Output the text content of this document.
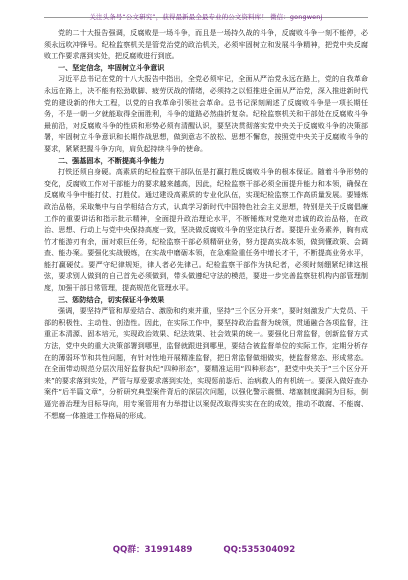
关注头条号“公文研究”，获得最新最全最专业的公文资料库！ 微信：gongwenj

党的二十大报告强调，反腐败是一场斗争，而且是一场持久战的斗争，反腐败斗争一刻不能停，必须永远吹冲锋号。纪检监察机关是管党治党的政治机关，必须牢固树立和发展斗争精神，把党中央反腐败工作要求落到实处，把反腐败进行到底。

一、坚定信念，牢固树立斗争意识

习近平总书记在党的十八大报告中指出，全党必须牢记，全面从严治党永远在路上，党的自我革命永远在路上，决不能有松劲歇脚、疲劳厌战的情绪，必须持之以恒推进全面从严治党，深入推进新时代党的建设新的伟大工程，以党的自我革命引领社会革命。总书记深刻阐述了反腐败斗争是一项长期任务，不是一朝一夕就能取得全面胜利，斗争的道路必然曲折复杂。纪检监察机关和干部处在反腐败斗争最前沿，对反腐败斗争的性质和形势必须有清醒认识，要坚决贯彻落实党中央关于反腐败斗争的决策部署，牢固树立斗争意识和长期作战思想，做到意志不放松、思想不懈怠，按照党中央关于反腐败斗争的要求，紧紧把握斗争方向，肩负起持续斗争的使命。

二、强基固本，不断提高斗争能力

打铁还须自身硬。高素质的纪检监察干部队伍是打赢打胜反腐败斗争的根本保证。随着斗争形势的变化，反腐败工作对干部能力的要求越来越高，因此，纪检监察干部必须全面提升能力和本领，确保在反腐败斗争中能打仗、打胜仗。通过建设高素质的专业化队伍，实现纪检监察工作高质量发展。要锤炼政治品格，采取集中与自学相结合方式，认真学习新时代中国特色社会主义思想，特别是关于反腐倡廉工作的重要讲话和指示批示精神，全面提升政治理论水平，不断锤炼对党绝对忠诚的政治品格，在政治、思想、行动上与党中央保持高度一致，坚决做反腐败斗争的坚定执行者。要提升业务素养，胸有成竹才能游刃有余，面对艰巨任务，纪检监察干部必须精研业务，努力提高实战本领，做到懂政策、会调查、能办案。要强化实战锻炼，在实战中磨砺本领，在急难险重任务中增长才干，不断提高业务水平，能打赢硬仗。要严守纪律规矩，律人者必先律己。纪检监察干部作为执纪者，必须时刻绷紧纪律这根弦，要求别人做到的自己首先必须做到，带头做遵纪守法的模范，要进一步完善监察驻机构内部管理制度，加强干部日常管理，提高规范化管理水平。

三、惩防结合，切实保证斗争效果

强调，要坚持严管和厚爱结合、激励和约束并重，坚持“三个区分开来”，要时刻激发广大党员、干部的积极性、主动性、创造性。因此，在实际工作中，要坚持政治监督为统领，贯通融合各项监督，注重正本清源、固本培元，实现政治效果、纪法效果、社会效果的统一。要强化日常监督，创新监督方式方法，党中央的重大决策部署到哪里，监督就跟进到哪里，要结合被监督单位的实际工作，定期分析存在的薄弱环节和共性问题，有针对性地开展精准监督，把日常监督做细做实，使监督常态、形成常态。在全面带动规范分层次用好监督执纪“四种形态”，要精准运用“四种形态”，把党中央关于“三个区分开来”的要求落到实处，严管与厚爱要求落到实处，实现惩前毖后、治病救人的有机统一。要深入做好查办案件“后半篇文章”，分析研究典型案件背后的深层次问题，以强化警示震慑、堵塞制度漏洞为目标，倒逼完善治理为目标导向，用专案管用有力举措让以案促改取得实实在在的成效，推动不敢腐、不能腐、不想腐一体推进工作格局的形成。

QQ群：31991489	QQ:535304092
